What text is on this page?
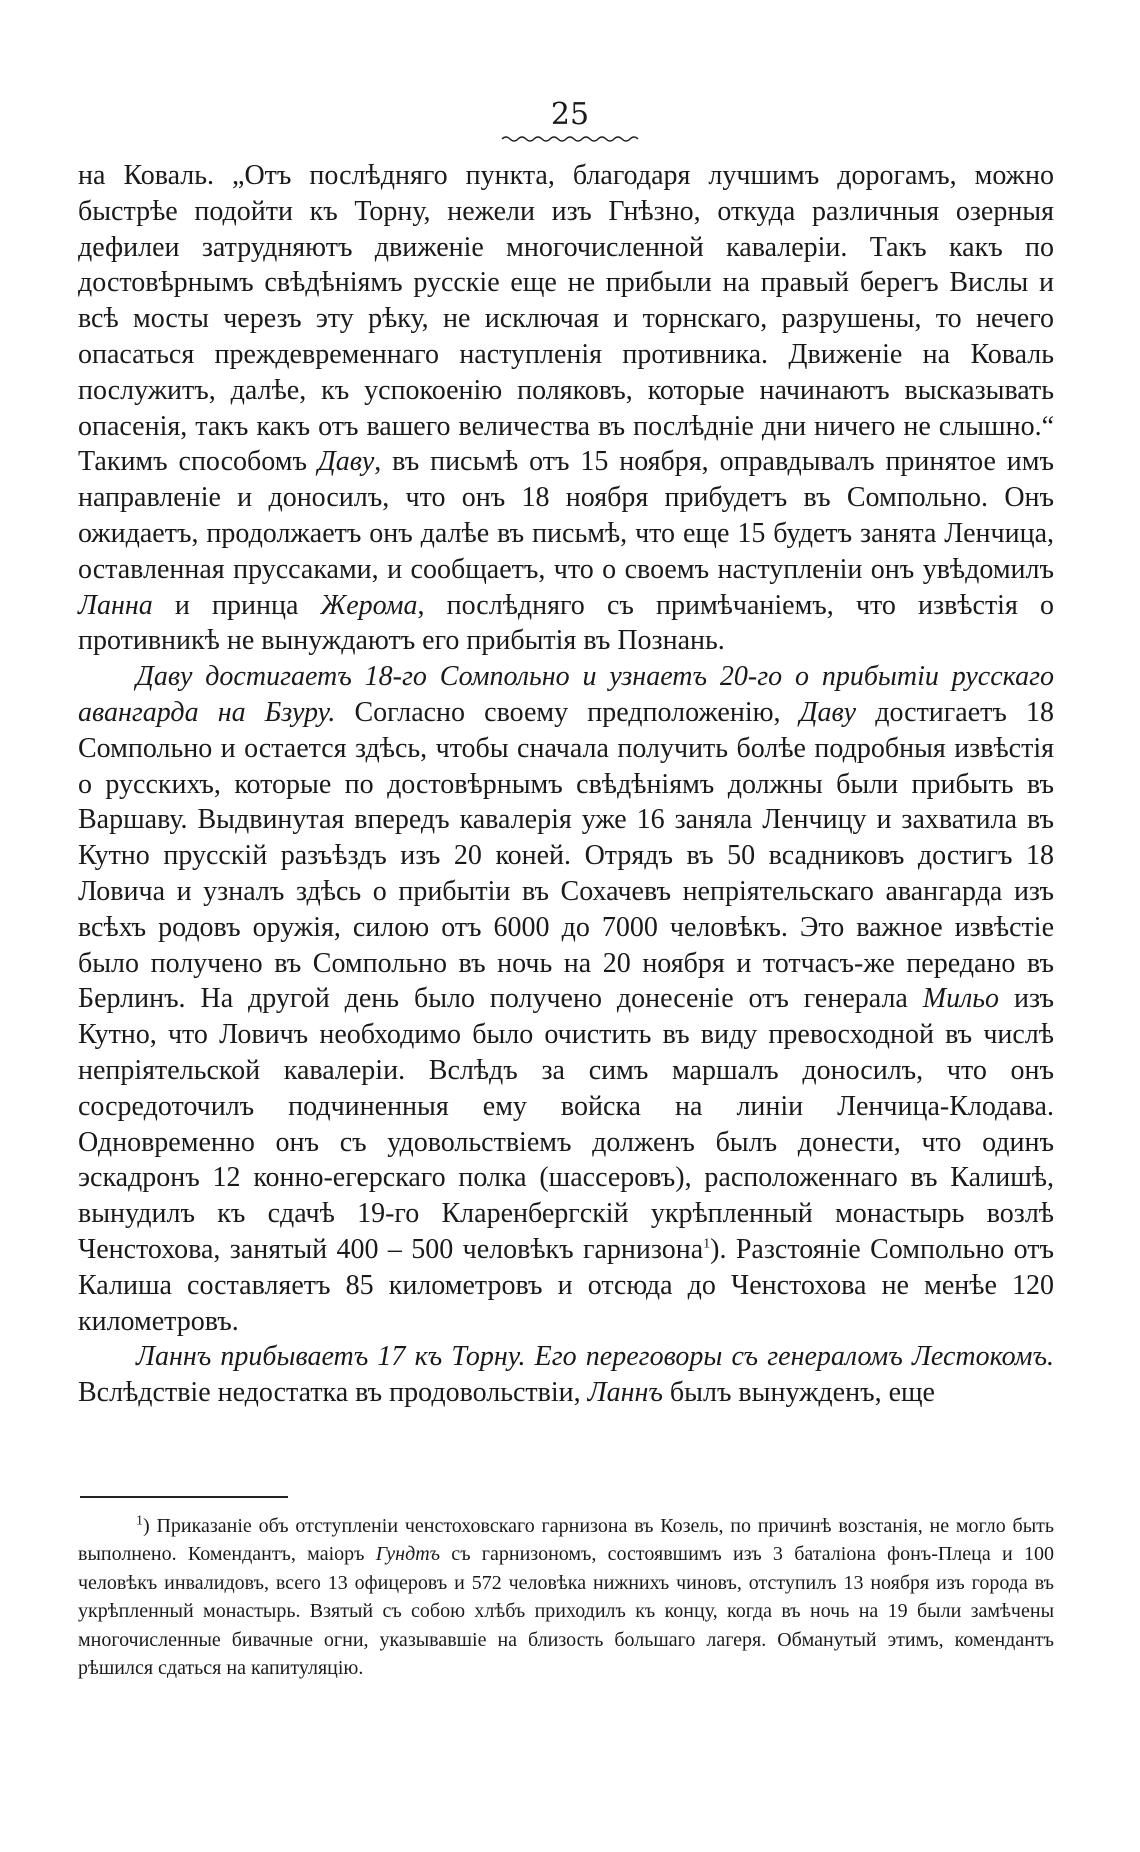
25

на Коваль. „Отъ послѣдняго пункта, благодаря лучшимъ дорогамъ, можно быстрѣе подойти къ Торну, нежели изъ Гнѣзно, откуда различныя озерныя дефилеи затрудняютъ движеніе многочисленной кавалеріи. Такъ какъ по достовѣрнымъ свѣдѣніямъ русскіе еще не прибыли на правый берегъ Вислы и всѣ мосты черезъ эту рѣку, не исключая и торнскаго, разрушены, то нечего опасаться преждевременнаго наступленія противника. Движеніе на Коваль послужитъ, далѣе, къ успокоенію поляковъ, которые начинаютъ высказывать опасенія, такъ какъ отъ вашего величества въ послѣдніе дни ничего не слышно.“ Такимъ способомъ Даву, въ письмѣ отъ 15 ноября, оправдывалъ принятое имъ направленіе и доносилъ, что онъ 18 ноября прибудетъ въ Сомпольно. Онъ ожидаетъ, продолжаетъ онъ далѣе въ письмѣ, что еще 15 будетъ занята Ленчица, оставленная пруссаками, и сообщаетъ, что о своемъ наступленіи онъ увѣдомилъ Ланна и принца Жерома, послѣдняго съ примѣчаніемъ, что извѣстія о противникѣ не вынуждаютъ его прибытія въ Познань.

Даву достигаетъ 18-го Сомпольно и узнаетъ 20-го о прибытіи русскаго авангарда на Бзуру. Согласно своему предположенію, Даву достигаетъ 18 Сомпольно и остается здѣсь, чтобы сначала получить болѣе подробныя извѣстія о русскихъ, которые по достовѣрнымъ свѣдѣніямъ должны были прибыть въ Варшаву. Выдвинутая впередъ кавалерія уже 16 заняла Ленчицу и захватила въ Кутно прусскій разъѣздъ изъ 20 коней. Отрядъ въ 50 всадниковъ достигъ 18 Ловича и узналъ здѣсь о прибытіи въ Сохачевъ непріятельскаго авангарда изъ всѣхъ родовъ оружія, силою отъ 6000 до 7000 человѣкъ. Это важное извѣстіе было получено въ Сомпольно въ ночь на 20 ноября и тотчасъ-же передано въ Берлинъ. На другой день было получено донесеніе отъ генерала Мильо изъ Кутно, что Ловичъ необходимо было очистить въ виду превосходной въ числѣ непріятельской кавалеріи. Вслѣдъ за симъ маршалъ доносилъ, что онъ сосредоточилъ подчиненныя ему войска на линіи Ленчица-Клодава. Одновременно онъ съ удовольствіемъ долженъ былъ донести, что одинъ эскадронъ 12 конно-егерскаго полка (шассеровъ), расположеннаго въ Калишѣ, вынудилъ къ сдачѣ 19-го Кларенбергскій укрѣпленный монастырь возлѣ Ченстохова, занятый 400 – 500 человѣкъ гарнизона$^1$). Разстояніе Сомпольно отъ Калиша составляетъ 85 километровъ и отсюда до Ченстохова не менѣе 120 километровъ.

Ланнъ прибываетъ 17 къ Торну. Его переговоры съ генераломъ Лестокомъ. Вслѣдствіе недостатка въ продовольствіи, Ланнъ былъ вынужденъ, еще

$^1$) Приказаніе объ отступленіи ченстоховскаго гарнизона въ Козель, по причинѣ возстанія, не могло быть выполнено. Комендантъ, маіоръ Гундтъ съ гарнизономъ, состоявшимъ изъ 3 баталіона фонъ-Плеца и 100 человѣкъ инвалидовъ, всего 13 офицеровъ и 572 человѣка нижнихъ чиновъ, отступилъ 13 ноября изъ города въ укрѣпленный монастырь. Взятый съ собою хлѣбъ приходилъ къ концу, когда въ ночь на 19 были замѣчены многочисленные бивачные огни, указывавшіе на близость большаго лагеря. Обманутый этимъ, комендантъ рѣшился сдаться на капитуляцію.
